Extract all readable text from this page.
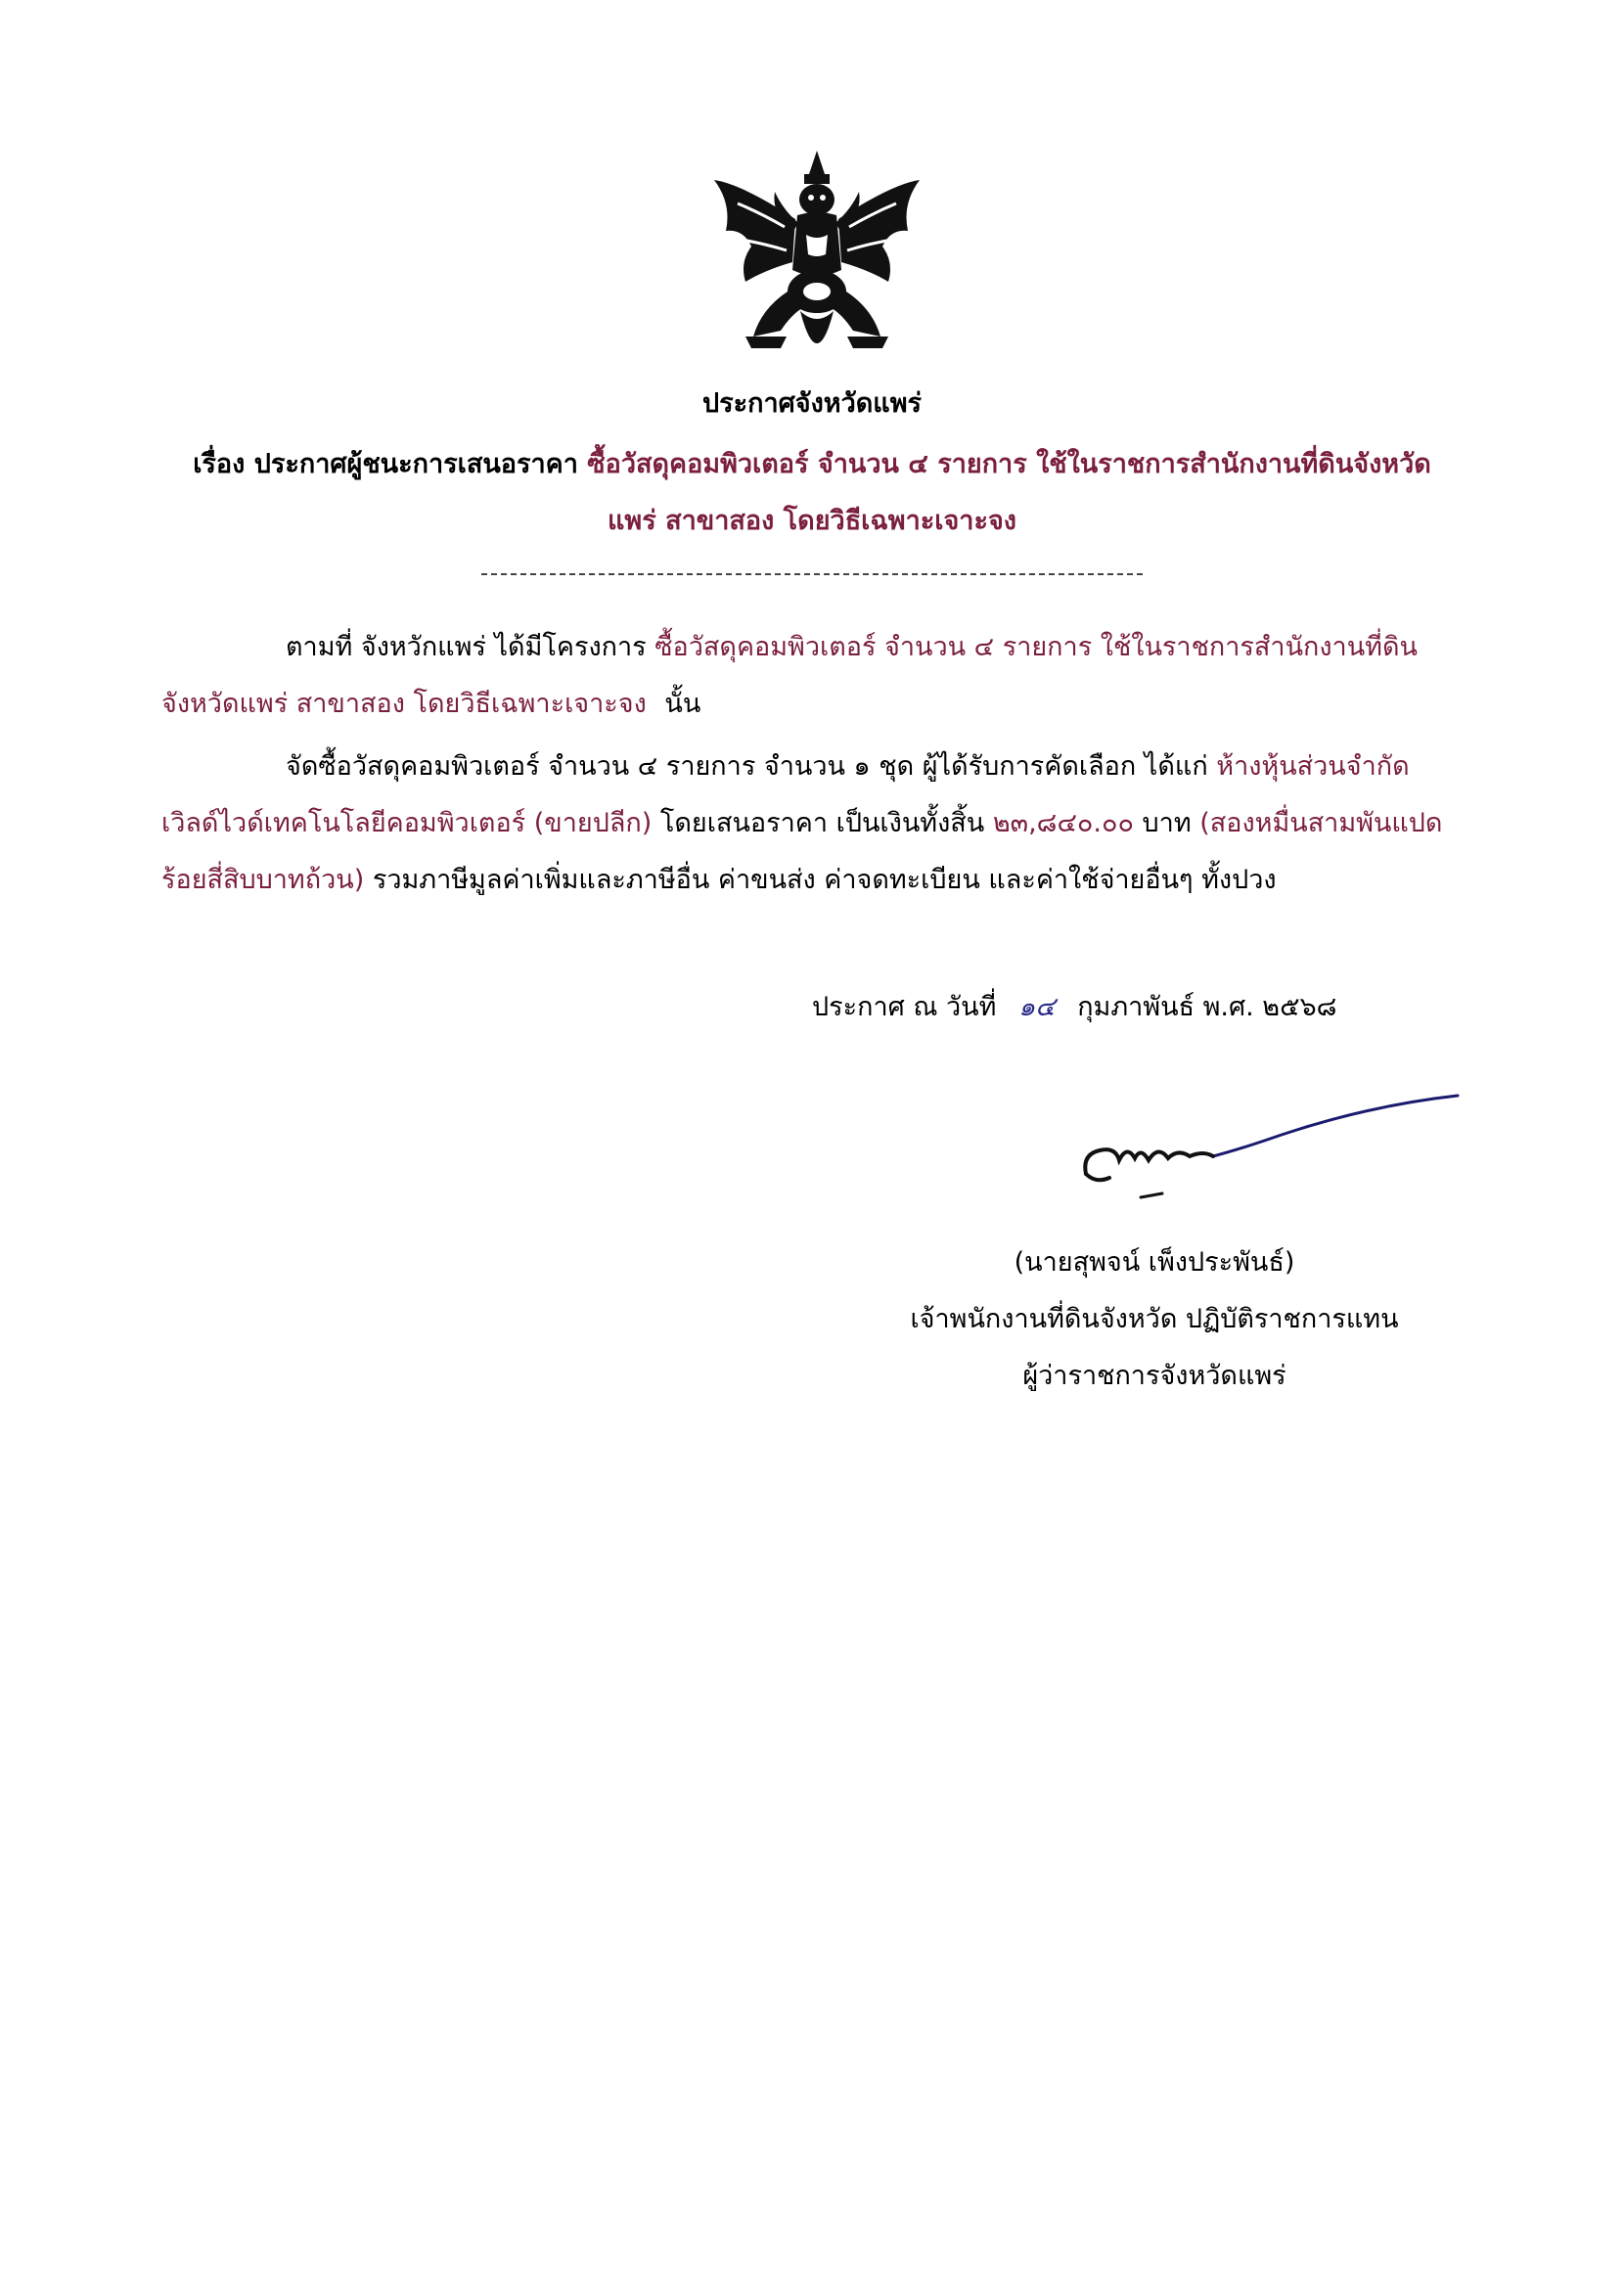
ประกาศจังหวัดแพร่
เรื่อง ประกาศผู้ชนะการเสนอราคา ซื้อวัสดุคอมพิวเตอร์ จำนวน ๔ รายการ ใช้ในราชการสำนักงานที่ดินจังหวัด
แพร่ สาขาสอง โดยวิธีเฉพาะเจาะจง
ตามที่ จังหวักแพร่ ได้มีโครงการ ซื้อวัสดุคอมพิวเตอร์ จำนวน ๔ รายการ ใช้ในราชการสำนักงานที่ดิน
จังหวัดแพร่ สาขาสอง โดยวิธีเฉพาะเจาะจง นั้น
จัดซื้อวัสดุคอมพิวเตอร์ จำนวน ๔ รายการ จำนวน ๑ ชุด ผู้ได้รับการคัดเลือก ได้แก่ ห้างหุ้นส่วนจำกัด
เวิลด์ไวด์เทคโนโลยีคอมพิวเตอร์ (ขายปลีก) โดยเสนอราคา เป็นเงินทั้งสิ้น ๒๓,๘๔๐.๐๐ บาท (สองหมื่นสามพันแปด
ร้อยสี่สิบบาทถ้วน) รวมภาษีมูลค่าเพิ่มและภาษีอื่น ค่าขนส่ง ค่าจดทะเบียน และค่าใช้จ่ายอื่นๆ ทั้งปวง
ประกาศ ณ วันที่ ๑๔ กุมภาพันธ์ พ.ศ. ๒๕๖๘
(นายสุพจน์ เพ็งประพันธ์)
เจ้าพนักงานที่ดินจังหวัด ปฏิบัติราชการแทน
ผู้ว่าราชการจังหวัดแพร่
